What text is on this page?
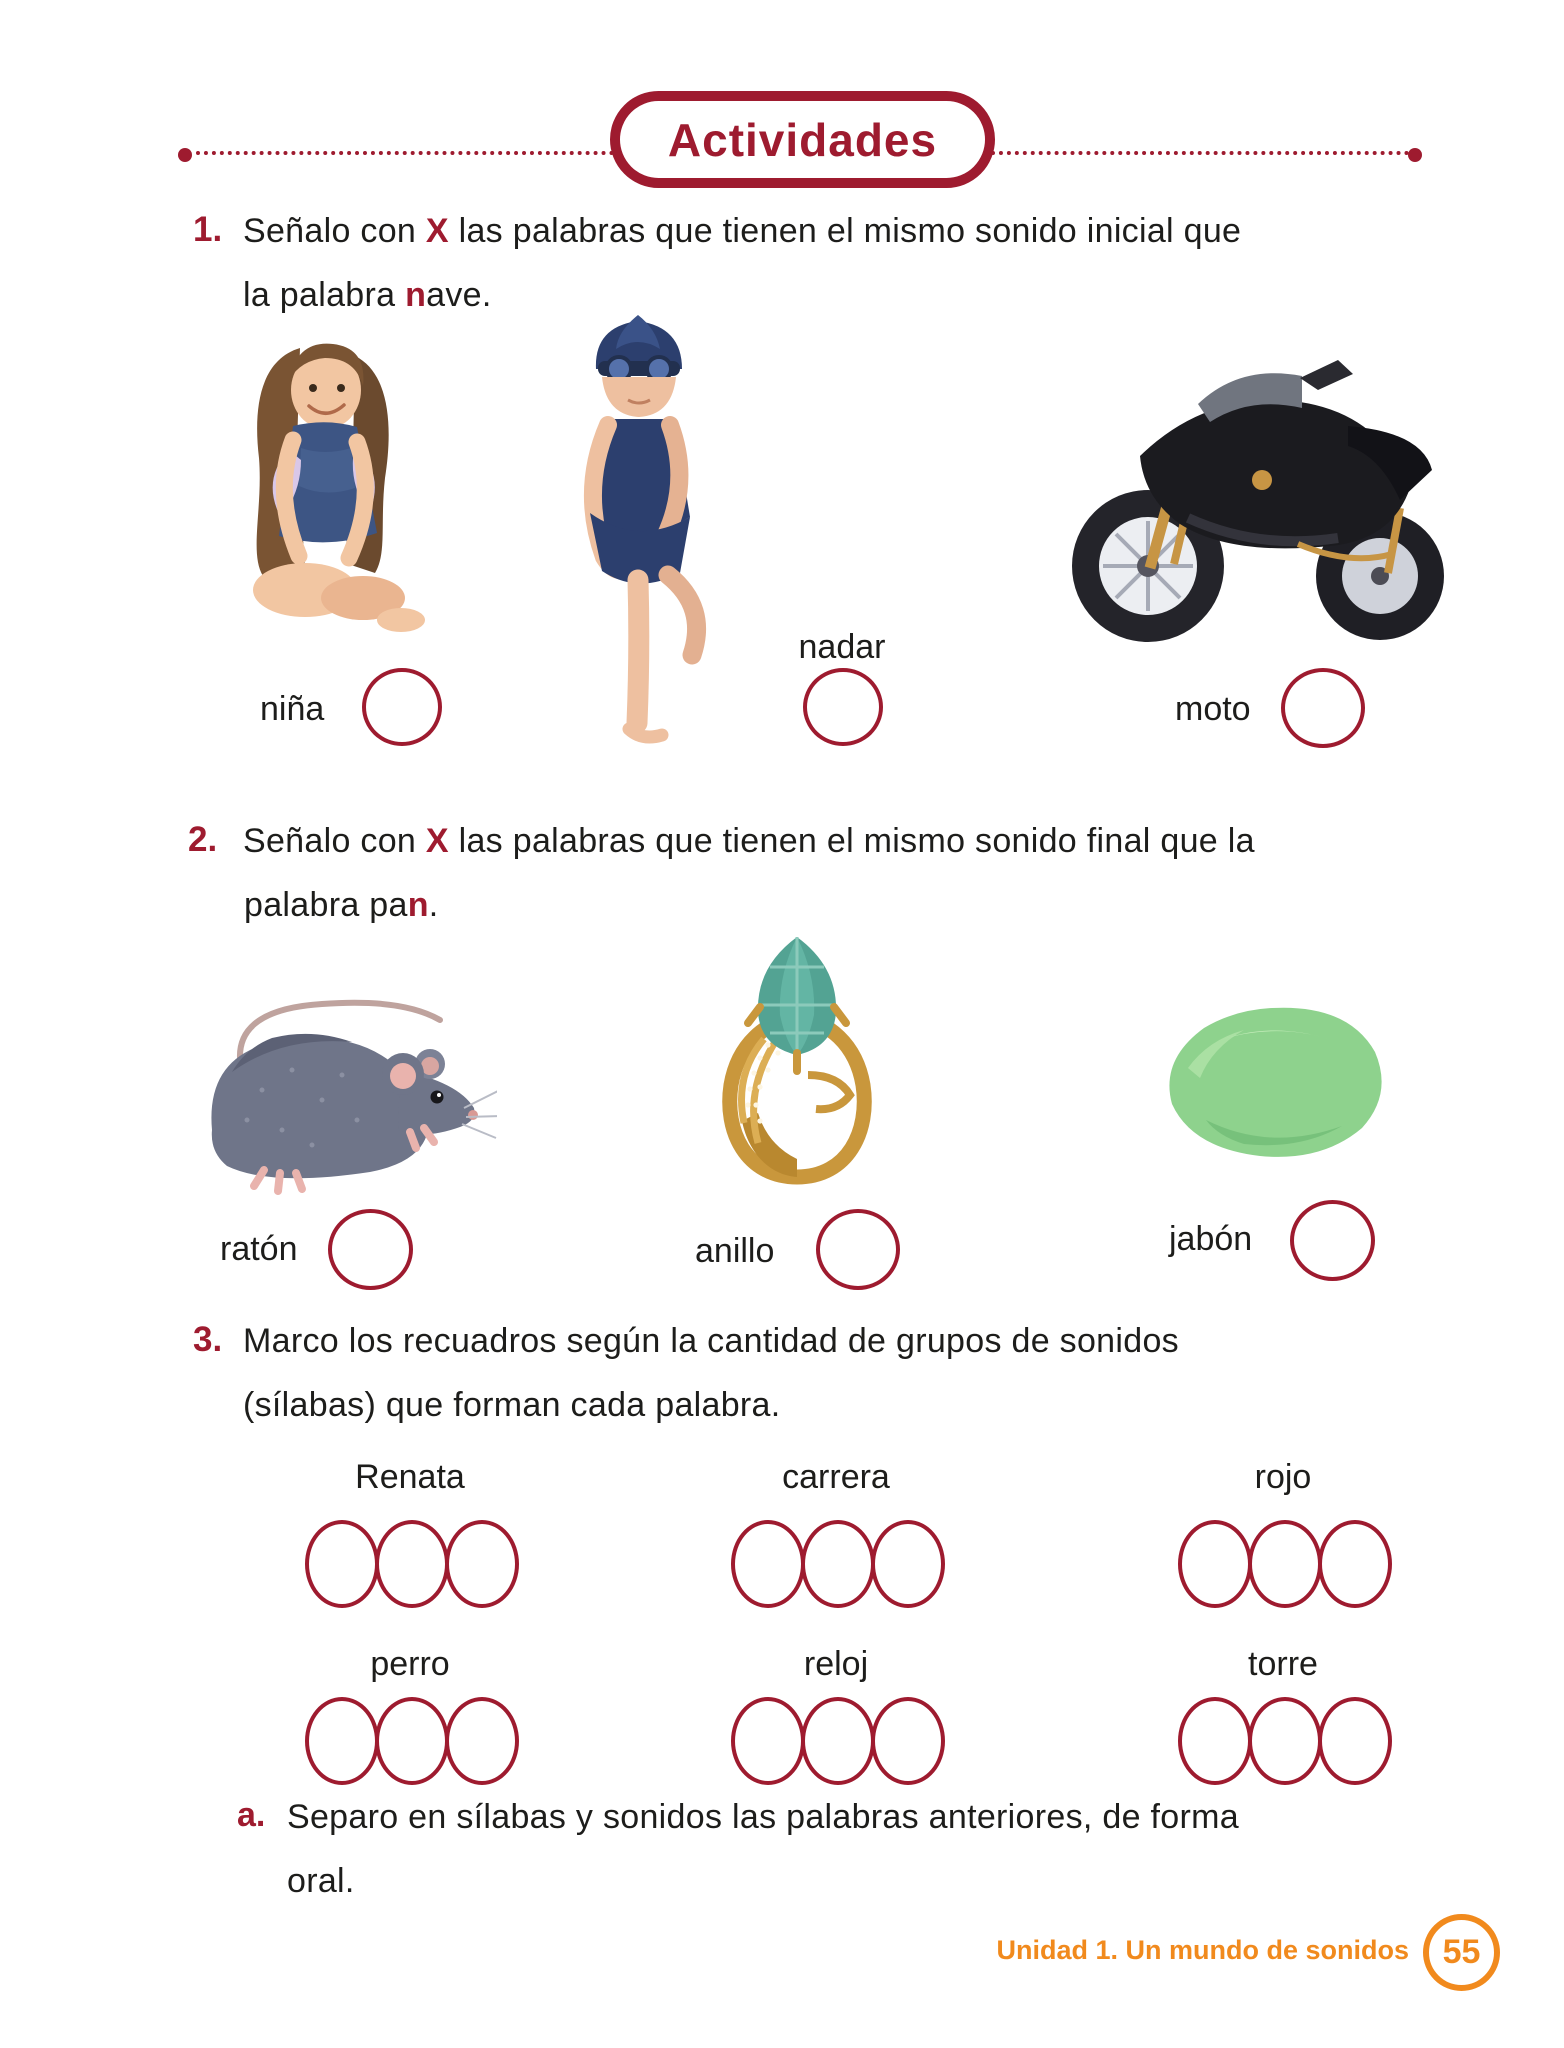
Actividades
1. Señalo con X las palabras que tienen el mismo sonido inicial que
la palabra nave.
niña
nadar
moto
2. Señalo con X las palabras que tienen el mismo sonido final que la
palabra pan.
ratón	anillo	jabón
3. Marco los recuadros según la cantidad de grupos de sonidos
(sílabas) que forman cada palabra.
Renata	carrera	rojo
perro	reloj	torre
a. Separo en sílabas y sonidos las palabras anteriores, de forma
oral.
Unidad 1. Un mundo de sonidos 55
